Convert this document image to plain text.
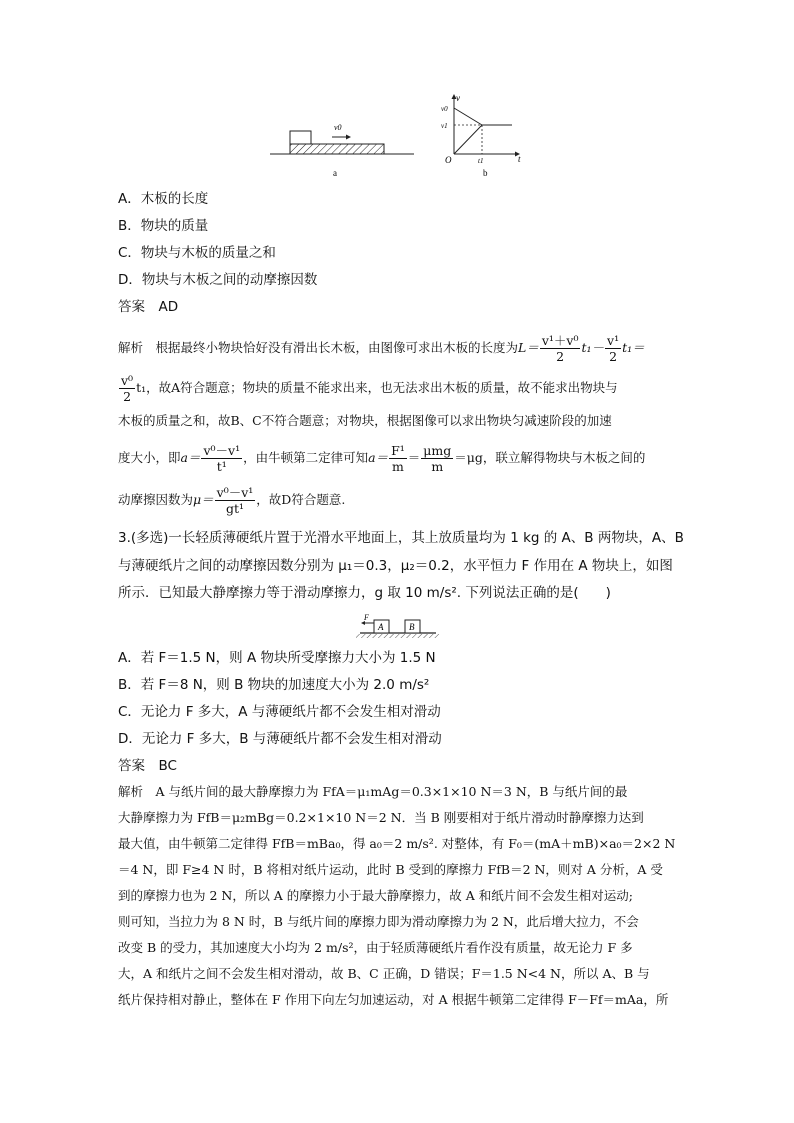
v0
a
v
v0
v1
O	t1	t
b
A．木板的长度
B．物块的质量
C．物块与木板的质量之和
D．物块与木板之间的动摩擦因数
答案　AD
解析　根据最终小物块恰好没有滑出长木板，由图像可求出木板的长度为$L= \frac{\text{v¹＋v⁰}}{2} t_1- \frac{\text{v¹}}{2} t_1=$
$\frac{\text{v⁰}}{2} t_1$，故A符合题意；物块的质量不能求出来，也无法求出木板的质量，故不能求出物块与
木板的质量之和，故B、C不符合题意；对物块，根据图像可以求出物块匀减速阶段的加速
度大小，即$a= \frac{\text{v⁰－v¹}}{\text{t¹}}$ ，由牛顿第二定律可知$a= \frac{\text{F¹}}{m} = \frac{\text{μmg}}{m} =\mu g$，联立解得物块与木板之间的
动摩擦因数为$\mu= \frac{\text{v⁰－v¹}}{\text{gt¹}}$ ，故D符合题意.
3.(多选)一长轻质薄硬纸片置于光滑水平地面上，其上放质量均为 1 kg 的 A、B 两物块，A、B
与薄硬纸片之间的动摩擦因数分别为 μ₁＝0.3，μ₂＝0.2，水平恒力 F 作用在 A 物块上，如图
所示．已知最大静摩擦力等于滑动摩擦力，g 取 10 m/s². 下列说法正确的是(　　)
F
A	B
A．若 F＝1.5 N，则 A 物块所受摩擦力大小为 1.5 N
B．若 F＝8 N，则 B 物块的加速度大小为 2.0 m/s²
C．无论力 F 多大，A 与薄硬纸片都不会发生相对滑动
D．无论力 F 多大，B 与薄硬纸片都不会发生相对滑动
答案　BC
解析　A 与纸片间的最大静摩擦力为 FfA＝μ₁mAg＝0.3×1×10 N＝3 N，B 与纸片间的最
大静摩擦力为 FfB＝μ₂mBg＝0.2×1×10 N＝2 N．当 B 刚要相对于纸片滑动时静摩擦力达到
最大值，由牛顿第二定律得 FfB＝mBa₀，得 a₀＝2 m/s². 对整体，有 F₀＝(mA＋mB)×a₀＝2×2 N
＝4 N，即 F≥4 N 时，B 将相对纸片运动，此时 B 受到的摩擦力 FfB＝2 N，则对 A 分析，A 受
到的摩擦力也为 2 N，所以 A 的摩擦力小于最大静摩擦力，故 A 和纸片间不会发生相对运动;
则可知，当拉力为 8 N 时，B 与纸片间的摩擦力即为滑动摩擦力为 2 N，此后增大拉力，不会
改变 B 的受力，其加速度大小均为 2 m/s²，由于轻质薄硬纸片看作没有质量，故无论力 F 多
大，A 和纸片之间不会发生相对滑动，故 B、C 正确，D 错误；F＝1.5 N<4 N，所以 A、B 与
纸片保持相对静止，整体在 F 作用下向左匀加速运动，对 A 根据牛顿第二定律得 F－Ff＝mAa，所
